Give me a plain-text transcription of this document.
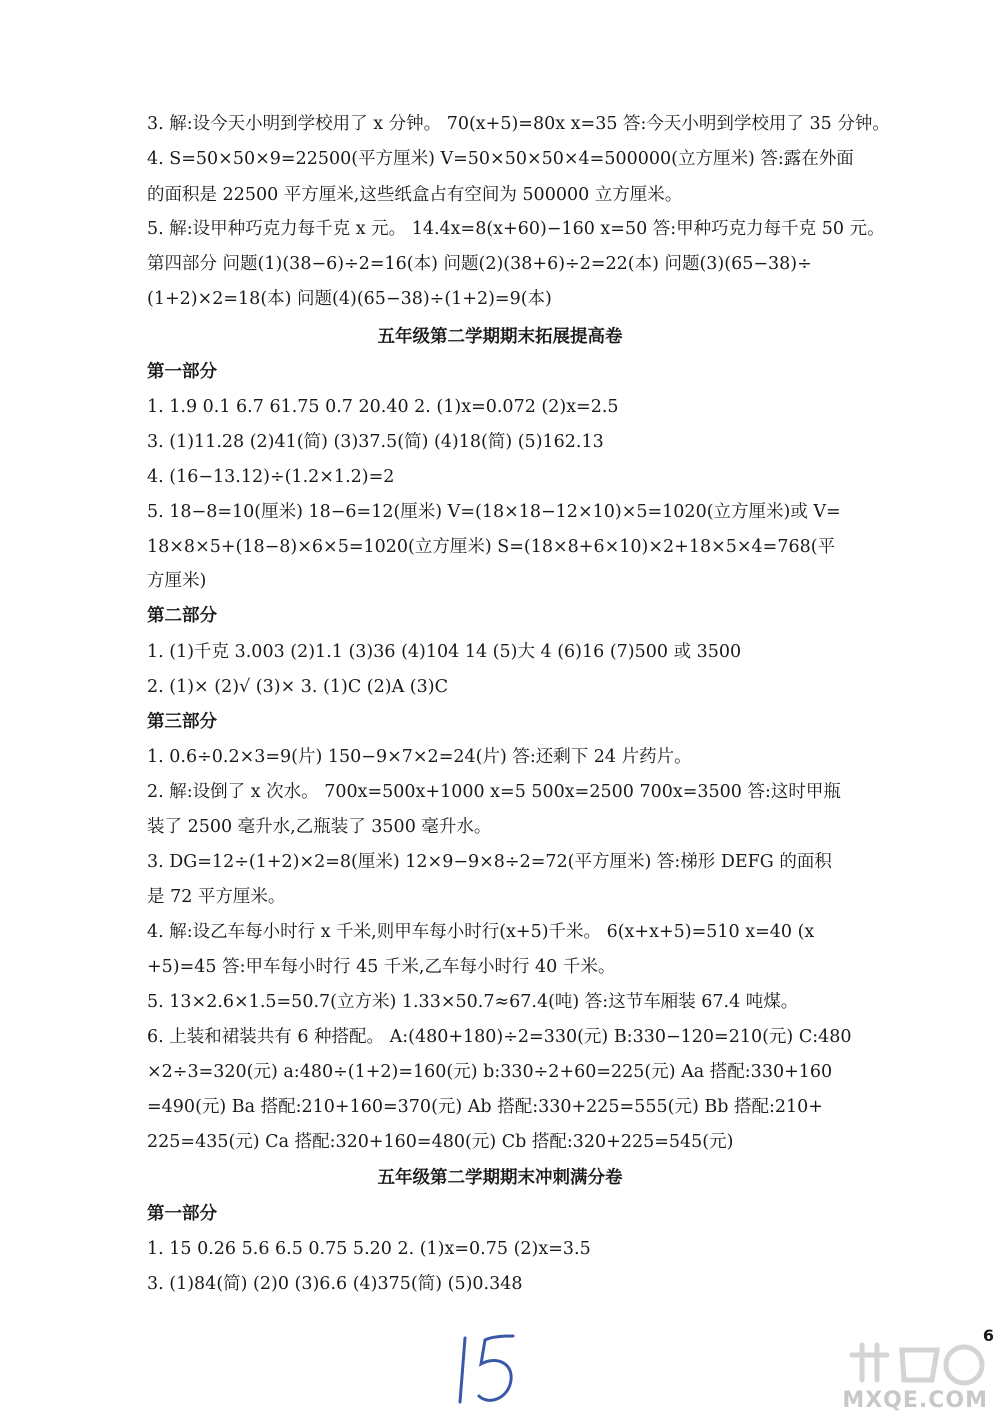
3. 解:设今天小明到学校用了 x 分钟。 70(x+5)=80x x=35 答:今天小明到学校用了 35 分钟。
4. S=50×50×9=22500(平方厘米) V=50×50×50×4=500000(立方厘米) 答:露在外面
的面积是 22500 平方厘米,这些纸盒占有空间为 500000 立方厘米。
5. 解:设甲种巧克力每千克 x 元。 14.4x=8(x+60)−160 x=50 答:甲种巧克力每千克 50 元。
第四部分 问题(1)(38−6)÷2=16(本) 问题(2)(38+6)÷2=22(本) 问题(3)(65−38)÷
(1+2)×2=18(本) 问题(4)(65−38)÷(1+2)=9(本)
五年级第二学期期末拓展提高卷
第一部分
1. 1.9 0.1 6.7 61.75 0.7 20.40 2. (1)x=0.072 (2)x=2.5
3. (1)11.28 (2)41(简) (3)37.5(简) (4)18(简) (5)162.13
4. (16−13.12)÷(1.2×1.2)=2
5. 18−8=10(厘米) 18−6=12(厘米) V=(18×18−12×10)×5=1020(立方厘米)或 V=
18×8×5+(18−8)×6×5=1020(立方厘米) S=(18×8+6×10)×2+18×5×4=768(平
方厘米)
第二部分
1. (1)千克 3.003 (2)1.1 (3)36 (4)104 14 (5)大 4 (6)16 (7)500 或 3500
2. (1)× (2)√ (3)× 3. (1)C (2)A (3)C
第三部分
1. 0.6÷0.2×3=9(片) 150−9×7×2=24(片) 答:还剩下 24 片药片。
2. 解:设倒了 x 次水。 700x=500x+1000 x=5 500x=2500 700x=3500 答:这时甲瓶
装了 2500 毫升水,乙瓶装了 3500 毫升水。
3. DG=12÷(1+2)×2=8(厘米) 12×9−9×8÷2=72(平方厘米) 答:梯形 DEFG 的面积
是 72 平方厘米。
4. 解:设乙车每小时行 x 千米,则甲车每小时行(x+5)千米。 6(x+x+5)=510 x=40 (x
+5)=45 答:甲车每小时行 45 千米,乙车每小时行 40 千米。
5. 13×2.6×1.5=50.7(立方米) 1.33×50.7≈67.4(吨) 答:这节车厢装 67.4 吨煤。
6. 上装和裙装共有 6 种搭配。 A:(480+180)÷2=330(元) B:330−120=210(元) C:480
×2÷3=320(元) a:480÷(1+2)=160(元) b:330÷2+60=225(元) Aa 搭配:330+160
=490(元) Ba 搭配:210+160=370(元) Ab 搭配:330+225=555(元) Bb 搭配:210+
225=435(元) Ca 搭配:320+160=480(元) Cb 搭配:320+225=545(元)
五年级第二学期期末冲刺满分卷
第一部分
1. 15 0.26 5.6 6.5 0.75 5.20 2. (1)x=0.75 (2)x=3.5
3. (1)84(简) (2)0 (3)6.6 (4)375(简) (5)0.348
6
MXQE.COM
